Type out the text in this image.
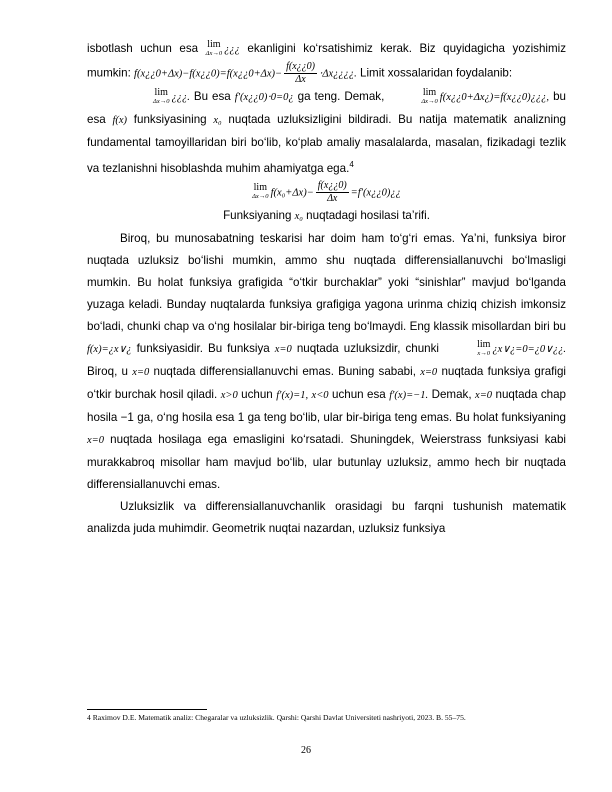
isbotlash uchun esa lim
Δx→0 ¿¿¿ ekanligini ko‘rsatishimiz kerak. Biz quyidagicha yozishimiz mumkin: f(x¿¿0+Δx)−f(x¿¿0)=f(x¿¿0+Δx)− $\frac{f(x¿¿0)}{\Delta x}$ ⋅Δx¿¿¿¿. Limit xossalaridan foydalanib:

lim
Δx→0 ¿¿¿. Bu esa f′(x¿¿0)⋅0=0¿ ga teng. Demak,	lim
Δx→0 f(x¿¿0+Δx¿)=f(x¿¿0)¿¿¿, bu esa f(x) funksiyasining x₀ nuqtada uzluksizligini bildiradi. Bu natija matematik analizning fundamental tamoyillaridan biri bo‘lib, ko‘plab amaliy masalalarda, masalan, fizikadagi tezlik va tezlanishni hisoblashda muhim ahamiyatga ega.$^4$

lim
Δx→0 $f(x_0+\Delta x)- \frac{f(x¿¿0)}{\Delta x}$ =f′(x¿¿0)¿¿

Funksiyaning x₀ nuqtadagi hosilasi ta’rifi.

Biroq, bu munosabatning teskarisi har doim ham to‘g‘ri emas. Ya’ni, funksiya biror nuqtada uzluksiz bo‘lishi mumkin, ammo shu nuqtada differensiallanuvchi bo‘lmasligi mumkin. Bu holat funksiya grafigida “o‘tkir burchaklar” yoki “sinishlar” mavjud bo‘lganda yuzaga keladi. Bunday nuqtalarda funksiya grafigiga yagona urinma chiziq chizish imkonsiz bo‘ladi, chunki chap va o‘ng hosilalar bir-biriga teng bo‘lmaydi. Eng klassik misollardan biri bu f(x)=¿x∨¿ funksiyasidir. Bu funksiya x=0 nuqtada uzluksizdir, chunki	lim
x→0 ¿x∨¿=0=¿0∨¿¿. Biroq, u x=0 nuqtada differensiallanuvchi emas. Buning sababi, x=0 nuqtada funksiya grafigi o‘tkir burchak hosil qiladi. x>0 uchun f′(x)=1, x<0 uchun esa f′(x)=−1. Demak, x=0 nuqtada chap hosila −1 ga, o‘ng hosila esa 1 ga teng bo‘lib, ular bir-biriga teng emas. Bu holat funksiyaning x=0 nuqtada hosilaga ega emasligini ko‘rsatadi. Shuningdek, Weierstrass funksiyasi kabi murakkabroq misollar ham mavjud bo‘lib, ular butunlay uzluksiz, ammo hech bir nuqtada differensiallanuvchi emas.

Uzluksizlik va differensiallanuvchanlik orasidagi bu farqni tushunish matematik analizda juda muhimdir. Geometrik nuqtai nazardan, uzluksiz funksiya

4 Raximov D.E. Matematik analiz: Chegaralar va uzluksizlik. Qarshi: Qarshi Davlat Universiteti nashriyoti, 2023. B. 55–75.
26
